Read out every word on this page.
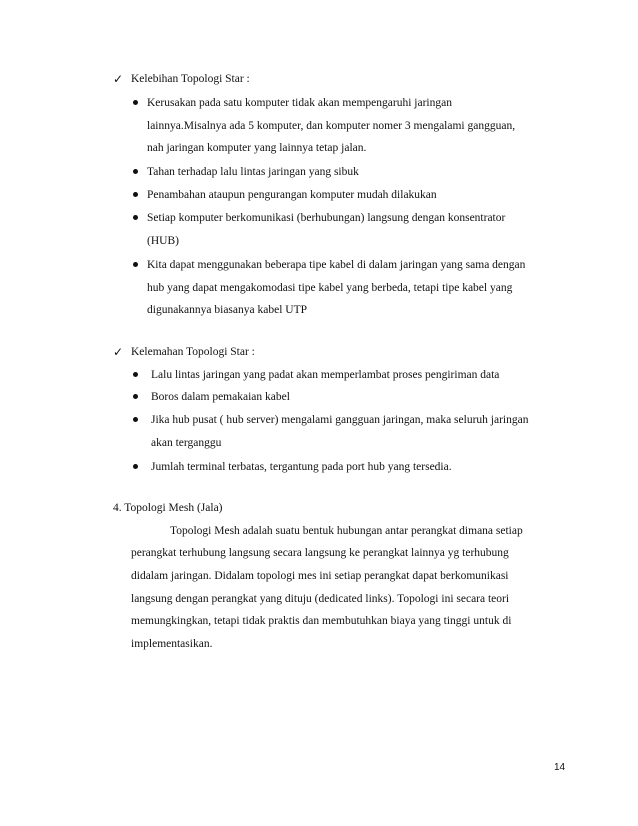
✓ Kelebihan Topologi Star :
Kerusakan pada satu komputer tidak akan mempengaruhi jaringan
lainnya.Misalnya ada 5 komputer, dan komputer nomer 3 mengalami gangguan,
nah jaringan komputer yang lainnya tetap jalan.
Tahan terhadap lalu lintas jaringan yang sibuk
Penambahan ataupun pengurangan komputer mudah dilakukan
Setiap komputer berkomunikasi (berhubungan) langsung dengan konsentrator
(HUB)
Kita dapat menggunakan beberapa tipe kabel di dalam jaringan yang sama dengan
hub yang dapat mengakomodasi tipe kabel yang berbeda, tetapi tipe kabel yang
digunakannya biasanya kabel UTP
✓ Kelemahan Topologi Star :
Lalu lintas jaringan yang padat akan memperlambat proses pengiriman data
Boros dalam pemakaian kabel
Jika hub pusat ( hub server) mengalami gangguan jaringan, maka seluruh jaringan
akan terganggu
Jumlah terminal terbatas, tergantung pada port hub yang tersedia.
4. Topologi Mesh (Jala)
Topologi Mesh adalah suatu bentuk hubungan antar perangkat dimana setiap
perangkat terhubung langsung secara langsung ke perangkat lainnya yg terhubung
didalam jaringan. Didalam topologi mes ini setiap perangkat dapat berkomunikasi
langsung dengan perangkat yang dituju (dedicated links). Topologi ini secara teori
memungkingkan, tetapi tidak praktis dan membutuhkan biaya yang tinggi untuk di
implementasikan.
14
